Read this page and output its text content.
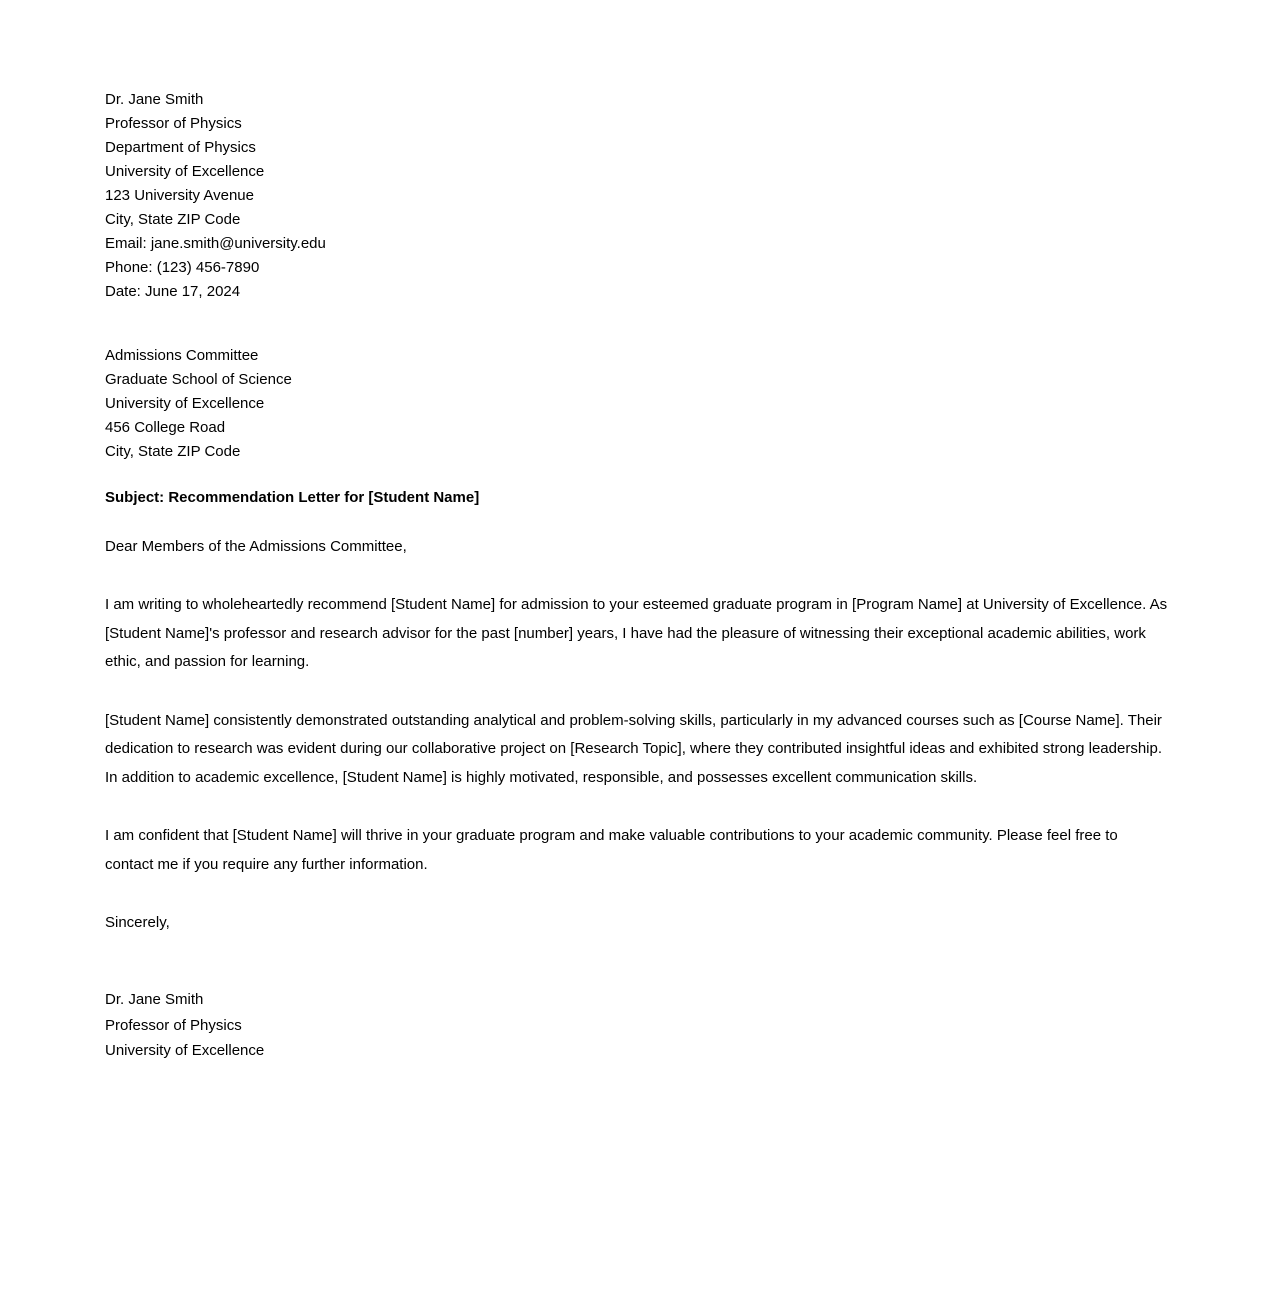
Dr. Jane Smith
Professor of Physics
Department of Physics
University of Excellence
123 University Avenue
City, State ZIP Code
Email: jane.smith@university.edu
Phone: (123) 456-7890
Date: June 17, 2024
Admissions Committee
Graduate School of Science
University of Excellence
456 College Road
City, State ZIP Code

Subject: Recommendation Letter for [Student Name]

Dear Members of the Admissions Committee,

I am writing to wholeheartedly recommend [Student Name] for admission to your esteemed graduate program in [Program Name] at University of Excellence. As [Student Name]'s professor and research advisor for the past [number] years, I have had the pleasure of witnessing their exceptional academic abilities, work ethic, and passion for learning.

[Student Name] consistently demonstrated outstanding analytical and problem-solving skills, particularly in my advanced courses such as [Course Name]. Their dedication to research was evident during our collaborative project on [Research Topic], where they contributed insightful ideas and exhibited strong leadership. In addition to academic excellence, [Student Name] is highly motivated, responsible, and possesses excellent communication skills.

I am confident that [Student Name] will thrive in your graduate program and make valuable contributions to your academic community. Please feel free to contact me if you require any further information.

Sincerely,

Dr. Jane Smith
Professor of Physics
University of Excellence
